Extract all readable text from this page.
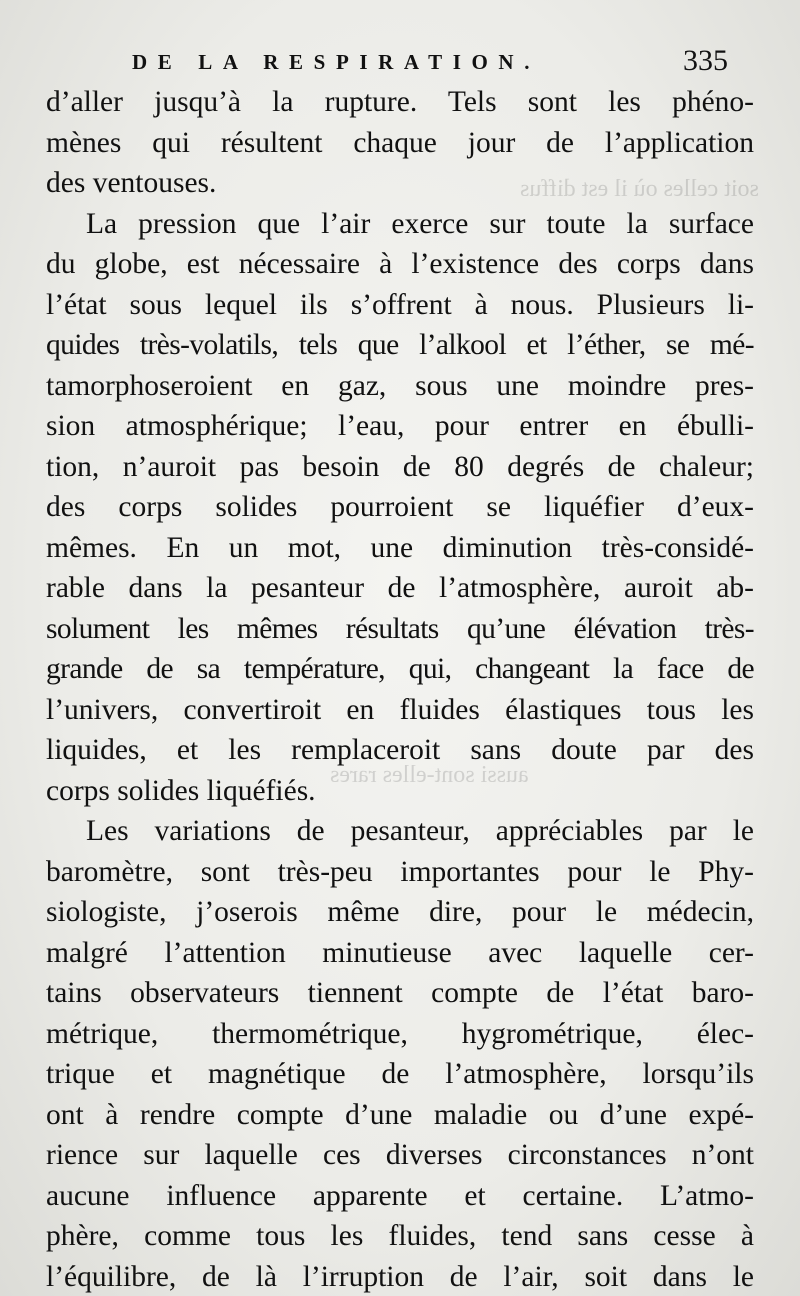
soit celles où il est diffus
aussi sont-elles rares
DE LA RESPIRATION.	335
d’aller jusqu’à la rupture. Tels sont les phéno-
mènes qui résultent chaque jour de l’application
des ventouses.
La pression que l’air exerce sur toute la surface
du globe, est nécessaire à l’existence des corps dans
l’état sous lequel ils s’offrent à nous. Plusieurs li-
quides très-volatils, tels que l’alkool et l’éther, se mé-
tamorphoseroient en gaz, sous une moindre pres-
sion atmosphérique; l’eau, pour entrer en ébulli-
tion, n’auroit pas besoin de 80 degrés de chaleur;
des corps solides pourroient se liquéfier d’eux-
mêmes. En un mot, une diminution très-considé-
rable dans la pesanteur de l’atmosphère, auroit ab-
solument les mêmes résultats qu’une élévation très-
grande de sa température, qui, changeant la face de
l’univers, convertiroit en fluides élastiques tous les
liquides, et les remplaceroit sans doute par des
corps solides liquéfiés.
Les variations de pesanteur, appréciables par le
baromètre, sont très-peu importantes pour le Phy-
siologiste, j’oserois même dire, pour le médecin,
malgré l’attention minutieuse avec laquelle cer-
tains observateurs tiennent compte de l’état baro-
métrique, thermométrique, hygrométrique, élec-
trique et magnétique de l’atmosphère, lorsqu’ils
ont à rendre compte d’une maladie ou d’une expé-
rience sur laquelle ces diverses circonstances n’ont
aucune influence apparente et certaine. L’atmo-
phère, comme tous les fluides, tend sans cesse à
l’équilibre, de là l’irruption de l’air, soit dans le
